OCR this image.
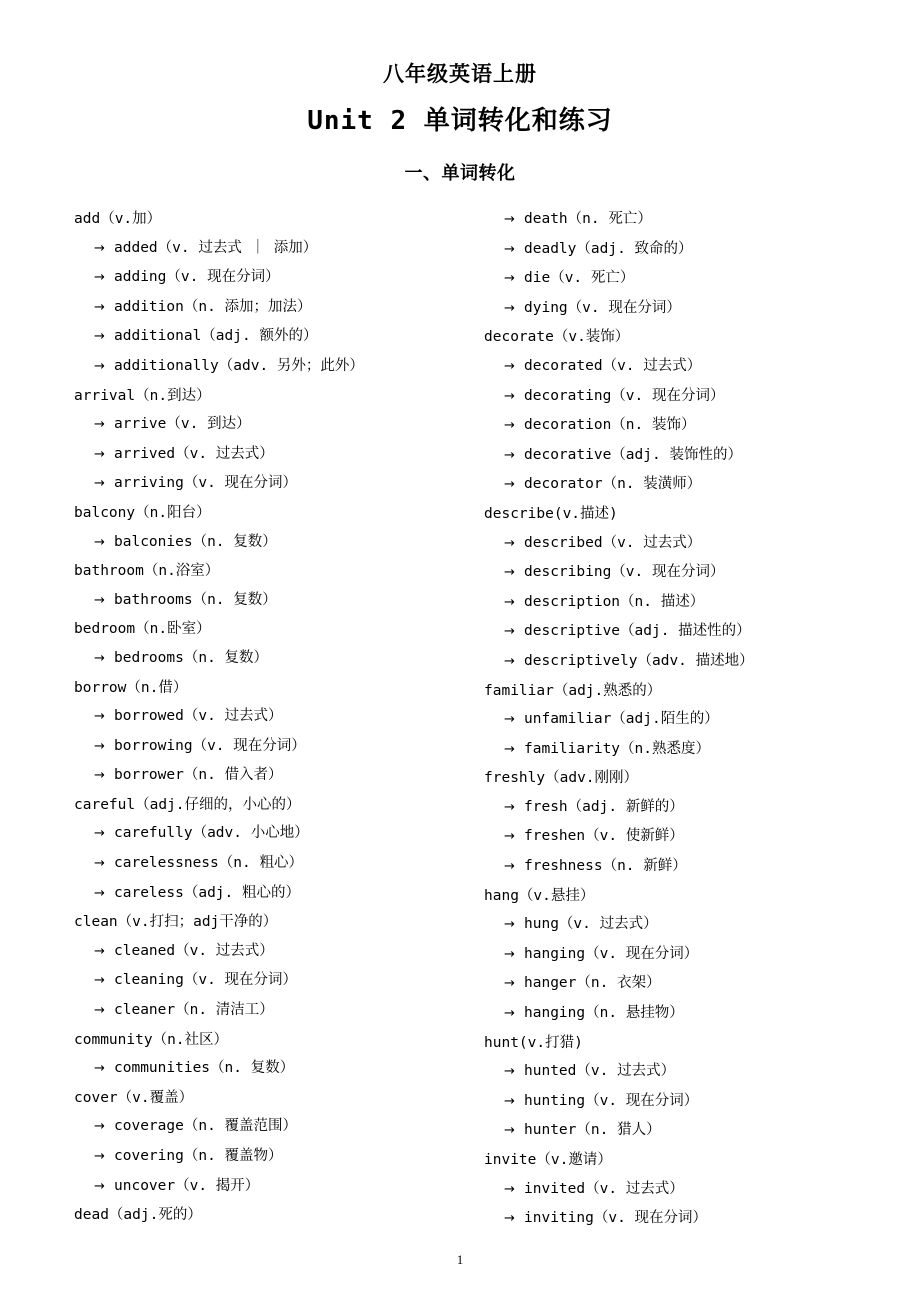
八年级英语上册
Unit 2 单词转化和练习
一、单词转化
add（v.加）
→ added（v. 过去式 ｜ 添加）
→ adding（v. 现在分词）
→ addition（n. 添加；加法）
→ additional（adj. 额外的）
→ additionally（adv. 另外；此外）
arrival（n.到达）
→ arrive（v. 到达）
→ arrived（v. 过去式）
→ arriving（v. 现在分词）
balcony（n.阳台）
→ balconies（n. 复数）
bathroom（n.浴室）
→ bathrooms（n. 复数）
bedroom（n.卧室）
→ bedrooms（n. 复数）
borrow（n.借）
→ borrowed（v. 过去式）
→ borrowing（v. 现在分词）
→ borrower（n. 借入者）
careful（adj.仔细的，小心的）
→ carefully（adv. 小心地）
→ carelessness（n. 粗心）
→ careless（adj. 粗心的）
clean（v.打扫；adj干净的）
→ cleaned（v. 过去式）
→ cleaning（v. 现在分词）
→ cleaner（n. 清洁工）
community（n.社区）
→ communities（n. 复数）
cover（v.覆盖）
→ coverage（n. 覆盖范围）
→ covering（n. 覆盖物）
→ uncover（v. 揭开）
dead（adj.死的）
→ death（n. 死亡）
→ deadly（adj. 致命的）
→ die（v. 死亡）
→ dying（v. 现在分词）
decorate（v.装饰）
→ decorated（v. 过去式）
→ decorating（v. 现在分词）
→ decoration（n. 装饰）
→ decorative（adj. 装饰性的）
→ decorator（n. 装潢师）
describe(v.描述)
→ described（v. 过去式）
→ describing（v. 现在分词）
→ description（n. 描述）
→ descriptive（adj. 描述性的）
→ descriptively（adv. 描述地）
familiar（adj.熟悉的）
→ unfamiliar（adj.陌生的）
→ familiarity（n.熟悉度）
freshly（adv.刚刚）
→ fresh（adj. 新鲜的）
→ freshen（v. 使新鲜）
→ freshness（n. 新鲜）
hang（v.悬挂）
→ hung（v. 过去式）
→ hanging（v. 现在分词）
→ hanger（n. 衣架）
→ hanging（n. 悬挂物）
hunt(v.打猎)
→ hunted（v. 过去式）
→ hunting（v. 现在分词）
→ hunter（n. 猎人）
invite（v.邀请）
→ invited（v. 过去式）
→ inviting（v. 现在分词）
1
